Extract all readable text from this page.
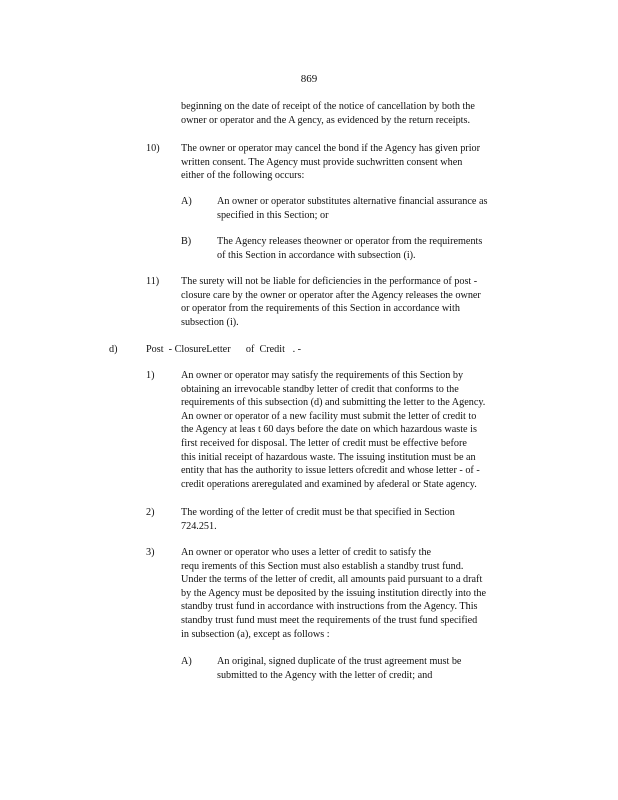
869

beginning on the date of receipt of the notice of cancellation by both the
owner or operator and the A gency, as evidenced by the return receipts.

10) The owner or operator may cancel the bond if the Agency has given prior
written consent. The Agency must provide suchwritten consent when
either of the following occurs:

A) An owner or operator substitutes alternative financial assurance as
specified in this Section; or

B)	The Agency releases theowner or operator from the requirements
of this Section in accordance with subsection (i).

11) The surety will not be liable for deficiencies in the performance of post -
closure care by the owner or operator after the Agency releases the owner
or operator from the requirements of this Section in accordance with
subsection (i).

d)	Post  - ClosureLetter      of  Credit   . -
1)	An owner or operator may satisfy the requirements of this Section by
obtaining an irrevocable standby letter of credit that conforms to the
requirements of this subsection (d) and submitting the letter to the Agency.
An owner or operator of a new facility must submit the letter of credit to
the Agency at leas t 60 days before the date on which hazardous waste is
first received for disposal. The letter of credit must be effective before
this initial receipt of hazardous waste. The issuing institution must be an
entity that has the authority to issue letters ofcredit and whose letter - of -
credit operations areregulated and examined by afederal or State agency.

2)	The wording of the letter of credit must be that specified in Section
724.251.

3)	An owner or operator who uses a letter of credit to satisfy the
requ irements of this Section must also establish a standby trust fund.
Under the terms of the letter of credit, all amounts paid pursuant to a draft
by the Agency must be deposited by the issuing institution directly into the
standby trust fund in accordance with instructions from the Agency. This
standby trust fund must meet the requirements of the trust fund specified
in subsection (a), except as follows :

A) An original, signed duplicate of the trust agreement must be
submitted to the Agency with the letter of credit; and
